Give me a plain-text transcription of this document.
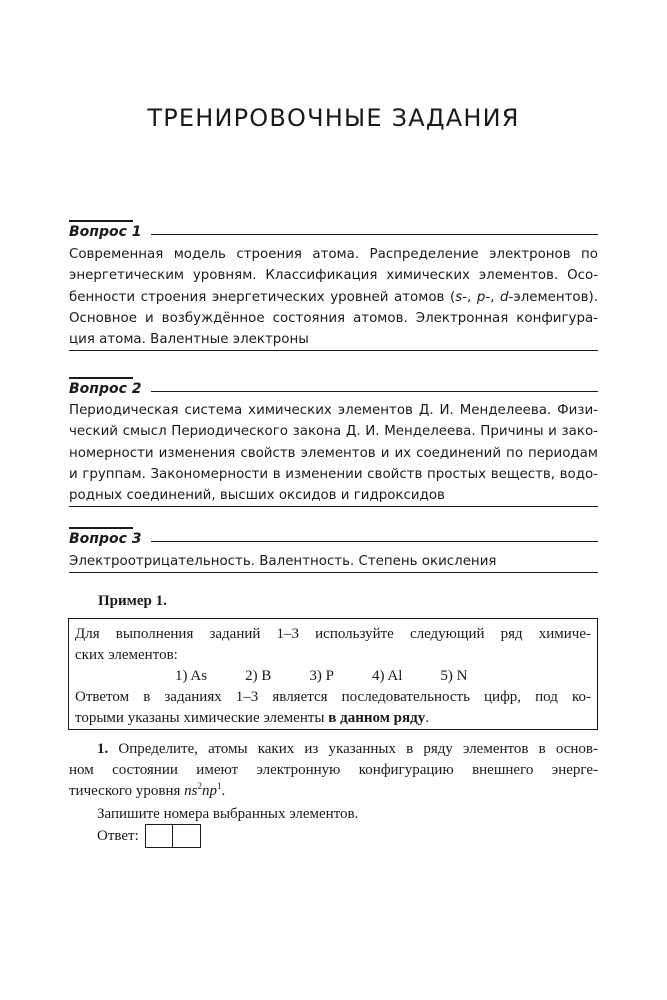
ТРЕНИРОВОЧНЫЕ ЗАДАНИЯ
Вопрос 1
Современная модель строения атома. Распределение электронов по
энергетическим уровням. Классификация химических элементов. Осо-
бенности строения энергетических уровней атомов (s-, p-, d-элементов).
Основное и возбуждённое состояния атомов. Электронная конфигура-
ция атома. Валентные электроны
Вопрос 2
Периодическая система химических элементов Д. И. Менделеева. Физи-
ческий смысл Периодического закона Д. И. Менделеева. Причины и зако-
номерности изменения свойств элементов и их соединений по периодам
и группам. Закономерности в изменении свойств простых веществ, водо-
родных соединений, высших оксидов и гидроксидов
Вопрос 3
Электроотрицательность. Валентность. Степень окисления
Пример 1.
Для выполнения заданий 1–3 используйте следующий ряд химиче-
ских элементов:
1) As	2) B	3) P	4) Al	5) N
Ответом в заданиях 1–3 является последовательность цифр, под ко-
торыми указаны химические элементы в данном ряду.
1. Определите, атомы каких из указанных в ряду элементов в основ-
ном состоянии имеют электронную конфигурацию внешнего энерге-
тического уровня $ns^2np^1$.
Запишите номера выбранных элементов.
Ответ:
